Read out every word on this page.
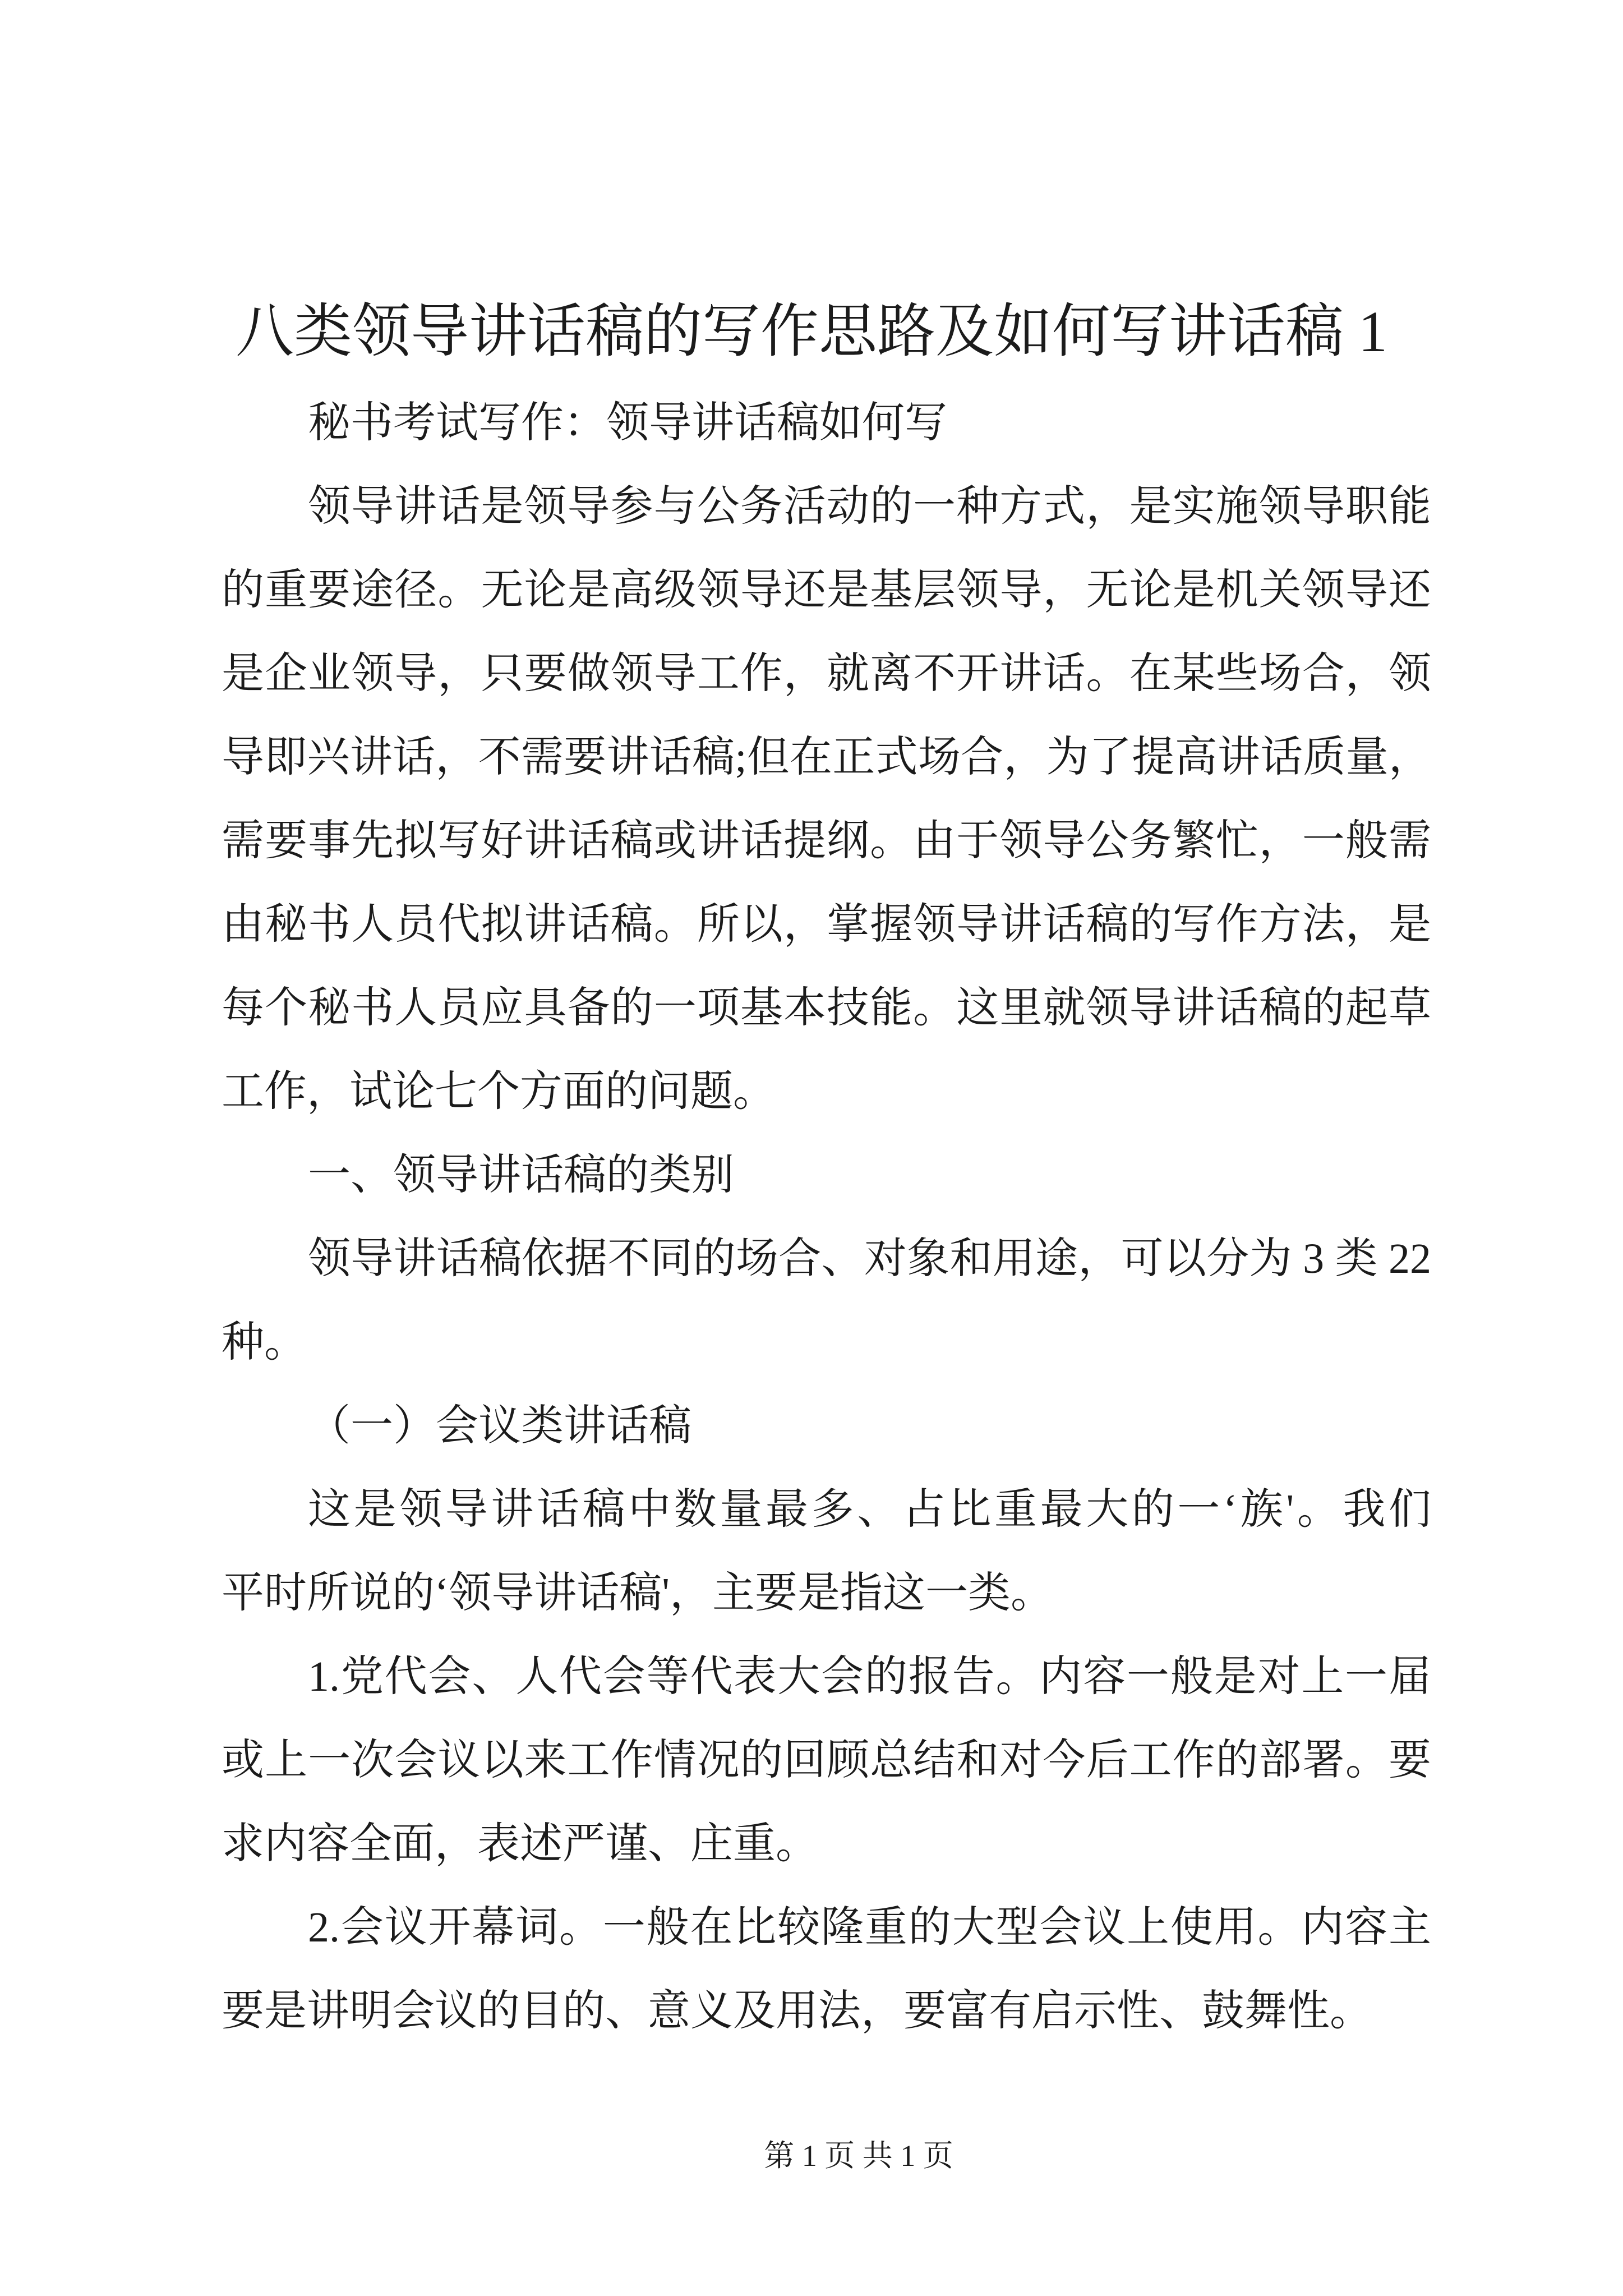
八类领导讲话稿的写作思路及如何写讲话稿 1
秘书考试写作：领导讲话稿如何写
领导讲话是领导参与公务活动的一种方式，是实施领导职能
的重要途径。无论是高级领导还是基层领导，无论是机关领导还
是企业领导，只要做领导工作，就离不开讲话。在某些场合，领
导即兴讲话，不需要讲话稿;但在正式场合，为了提高讲话质量，
需要事先拟写好讲话稿或讲话提纲。由于领导公务繁忙，一般需
由秘书人员代拟讲话稿。所以，掌握领导讲话稿的写作方法，是
每个秘书人员应具备的一项基本技能。这里就领导讲话稿的起草
工作，试论七个方面的问题。
一、领导讲话稿的类别
领导讲话稿依据不同的场合、对象和用途，可以分为 3 类 22
种。
（一）会议类讲话稿
这是领导讲话稿中数量最多、占比重最大的一‘族'。我们
平时所说的‘领导讲话稿'，主要是指这一类。
1.党代会、人代会等代表大会的报告。内容一般是对上一届
或上一次会议以来工作情况的回顾总结和对今后工作的部署。要
求内容全面，表述严谨、庄重。
2.会议开幕词。一般在比较隆重的大型会议上使用。内容主
要是讲明会议的目的、意义及用法，要富有启示性、鼓舞性。
第 1 页 共 1 页
